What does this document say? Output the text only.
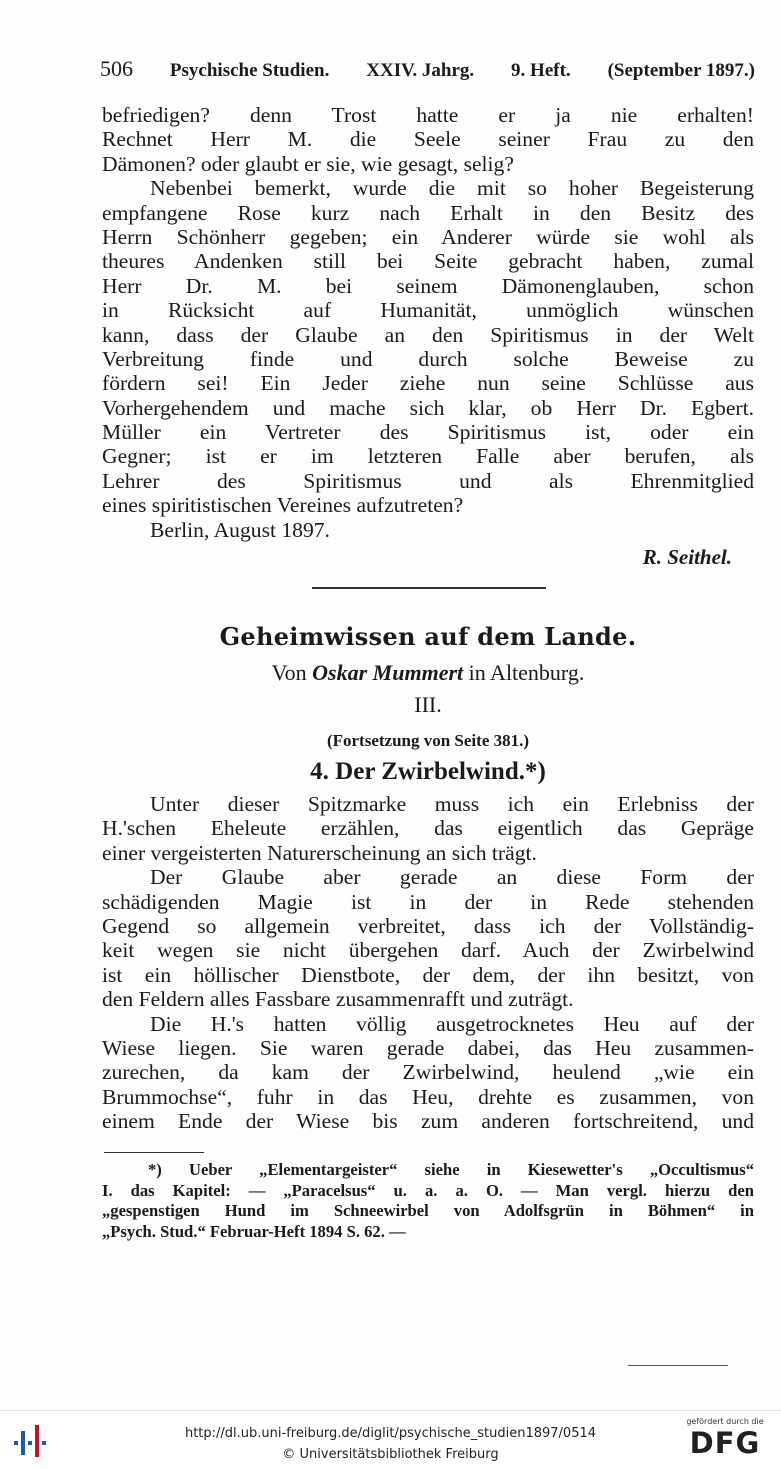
506 Psychische Studien. XXIV. Jahrg. 9. Heft. (September 1897.)
befriedigen? denn Trost hatte er ja nie erhalten!
Rechnet Herr M. die Seele seiner Frau zu den
Dämonen? oder glaubt er sie, wie gesagt, selig?
Nebenbei bemerkt, wurde die mit so hoher Begeisterung
empfangene Rose kurz nach Erhalt in den Besitz des
Herrn Schönherr gegeben; ein Anderer würde sie wohl als
theures Andenken still bei Seite gebracht haben, zumal
Herr Dr. M. bei seinem Dämonenglauben, schon
in Rücksicht auf Humanität, unmöglich wünschen
kann, dass der Glaube an den Spiritismus in der Welt
Verbreitung finde und durch solche Beweise zu
fördern sei! Ein Jeder ziehe nun seine Schlüsse aus
Vorhergehendem und mache sich klar, ob Herr Dr. Egbert.
Müller ein Vertreter des Spiritismus ist, oder ein
Gegner; ist er im letzteren Falle aber berufen, als
Lehrer des Spiritismus und als Ehrenmitglied
eines spiritistischen Vereines aufzutreten?
Berlin, August 1897.
R. Seithel.
Geheimwissen auf dem Lande.
Von Oskar Mummert in Altenburg.
III.
(Fortsetzung von Seite 381.)
4. Der Zwirbelwind.*)
Unter dieser Spitzmarke muss ich ein Erlebniss der
H.'schen Eheleute erzählen, das eigentlich das Gepräge
einer vergeisterten Naturerscheinung an sich trägt.
Der Glaube aber gerade an diese Form der
schädigenden Magie ist in der in Rede stehenden
Gegend so allgemein verbreitet, dass ich der Vollständig-
keit wegen sie nicht übergehen darf. Auch der Zwirbelwind
ist ein höllischer Dienstbote, der dem, der ihn besitzt, von
den Feldern alles Fassbare zusammenrafft und zuträgt.
Die H.'s hatten völlig ausgetrocknetes Heu auf der
Wiese liegen. Sie waren gerade dabei, das Heu zusammen-
zurechen, da kam der Zwirbelwind, heulend „wie ein
Brummochse“, fuhr in das Heu, drehte es zusammen, von
einem Ende der Wiese bis zum anderen fortschreitend, und
*) Ueber „Elementargeister“ siehe in Kiesewetter's „Occultismus“
I. das Kapitel: — „Paracelsus“ u. a. a. O. — Man vergl. hierzu den
„gespenstigen Hund im Schneewirbel von Adolfsgrün in Böhmen“ in
„Psych. Stud.“ Februar-Heft 1894 S. 62. —
http://dl.ub.uni-freiburg.de/diglit/psychische_studien1897/0514
© Universitätsbibliothek Freiburg
gefördert durch die
DFG
